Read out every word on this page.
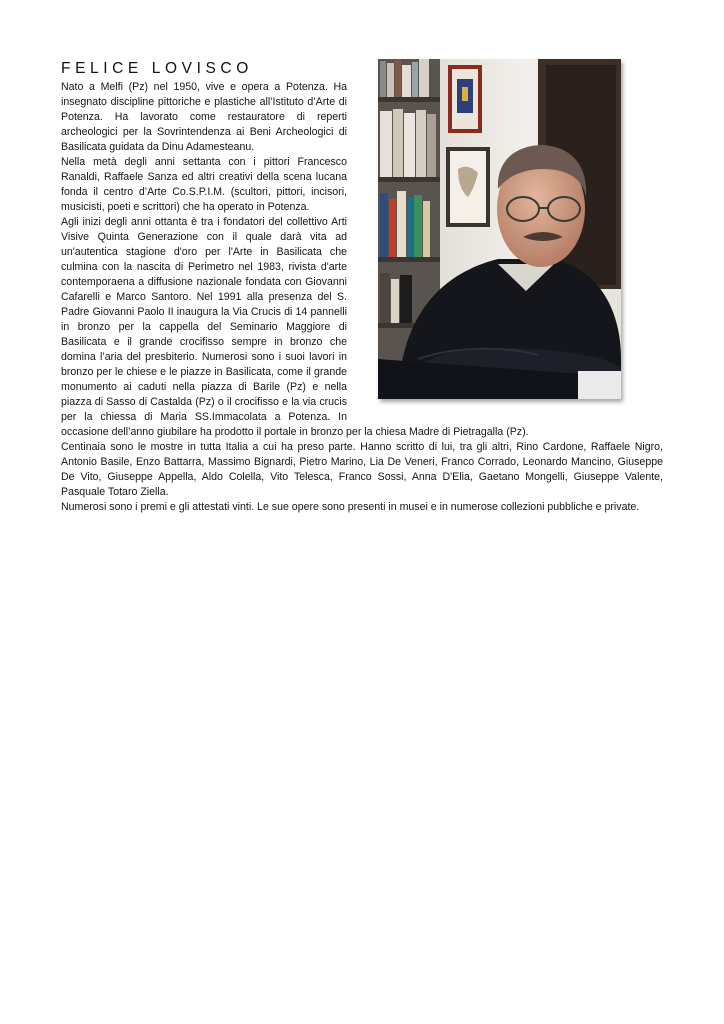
FELICE LOVISCO

Nato a Melfi (Pz) nel 1950, vive e opera a Potenza. Ha insegnato discipline pittoriche e plastiche all’Istituto d’Arte di Potenza. Ha lavorato come restauratore di reperti archeologici per la Sovrintendenza ai Beni Archeologici di Basilicata guidata da Dinu Adamesteanu.

Nella metà degli anni settanta con i pittori Francesco Ranaldi, Raffaele Sanza ed altri creativi della scena lucana fonda il centro d’Arte Co.S.P.I.M. (scultori, pittori, incisori, musicisti, poeti e scrittori) che ha operato in Potenza.

Agli inizi degli anni ottanta è tra i fondatori del collettivo Arti Visive Quinta Generazione con il quale darà vita ad un'autentica stagione d'oro per l'Arte in Basilicata che culmina con la nascita di Perimetro nel 1983, rivista d'arte contemporaena a diffusione nazionale fondata con Giovanni Cafarelli e Marco Santoro. Nel 1991 alla presenza del S. Padre Giovanni Paolo II inaugura la Via Crucis di 14 pannelli in bronzo per la cappella del Seminario Maggiore di Basilicata e il grande crocifisso sempre in bronzo che domina l’aria del presbiterio. Numerosi sono i suoi lavori in bronzo per le chiese e le piazze in Basilicata, come il grande monumento ai caduti nella piazza di Barile (Pz) e nella piazza di Sasso di Castalda (Pz) o il crocifisso e la via crucis per la chiessa di Maria SS.Immacolata a Potenza. In occasione dell’anno giubilare ha prodotto il portale in bronzo per la chiesa Madre di Pietragalla (Pz).

Centinaia sono le mostre in tutta Italia a cui ha preso parte. Hanno scritto di lui, tra gli altri, Rino Cardone, Raffaele Nigro, Antonio Basile, Enzo Battarra, Massimo Bignardi, Pietro Marino, Lia De Veneri, Franco Corrado, Leonardo Mancino, Giuseppe De Vito, Giuseppe Appella, Aldo Colella, Vito Telesca, Franco Sossi, Anna D'Elia, Gaetano Mongelli, Giuseppe Valente, Pasquale Totaro Ziella.

Numerosi sono i premi e gli attestati vinti. Le sue opere sono presenti in musei e in numerose collezioni pubbliche e private.
